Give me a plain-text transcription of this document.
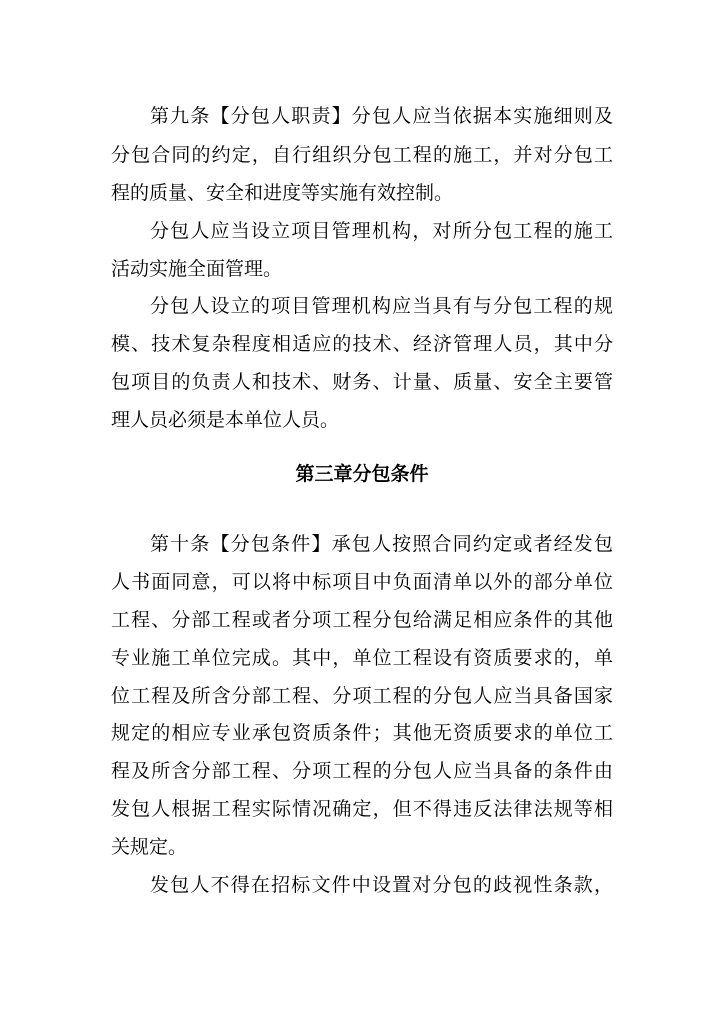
第九条【分包人职责】分包人应当依据本实施细则及
分包合同的约定，自行组织分包工程的施工，并对分包工
程的质量、安全和进度等实施有效控制。
分包人应当设立项目管理机构，对所分包工程的施工
活动实施全面管理。
分包人设立的项目管理机构应当具有与分包工程的规
模、技术复杂程度相适应的技术、经济管理人员，其中分
包项目的负责人和技术、财务、计量、质量、安全主要管
理人员必须是本单位人员。
第三章分包条件
第十条【分包条件】承包人按照合同约定或者经发包
人书面同意，可以将中标项目中负面清单以外的部分单位
工程、分部工程或者分项工程分包给满足相应条件的其他
专业施工单位完成。其中，单位工程设有资质要求的，单
位工程及所含分部工程、分项工程的分包人应当具备国家
规定的相应专业承包资质条件；其他无资质要求的单位工
程及所含分部工程、分项工程的分包人应当具备的条件由
发包人根据工程实际情况确定，但不得违反法律法规等相
关规定。
发包人不得在招标文件中设置对分包的歧视性条款，
